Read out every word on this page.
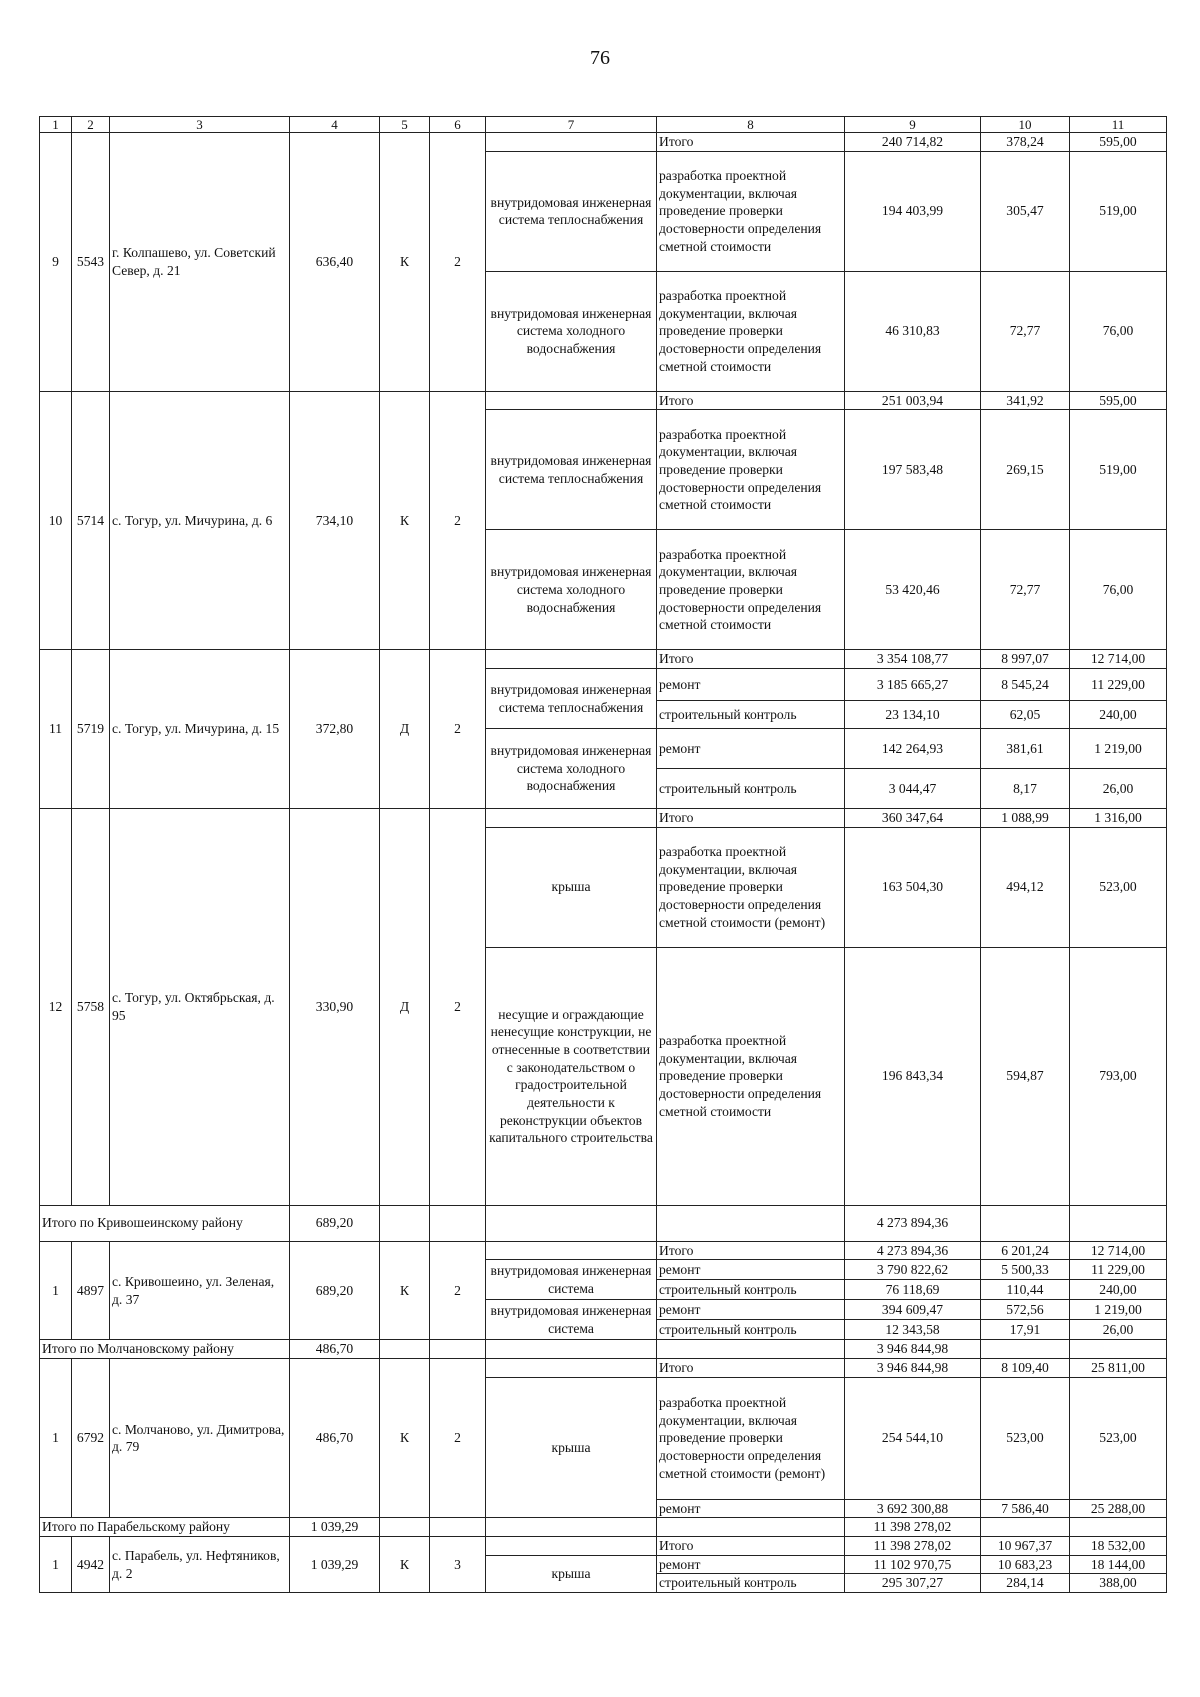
76
1	2	3	4	5	6	7	8	9	10	11
9	5543	г. Колпашево, ул. Советский Север, д. 21	636,40	К	2		Итого	240 714,82	378,24	595,00
						внутридомовая инженерная система теплоснабжения	разработка проектной документации, включая проведение проверки достоверности определения сметной стоимости	194 403,99	305,47	519,00
						внутридомовая инженерная система холодного водоснабжения	разработка проектной документации, включая проведение проверки достоверности определения сметной стоимости	46 310,83	72,77	76,00
10	5714	с. Тогур, ул. Мичурина, д. 6	734,10	К	2		Итого	251 003,94	341,92	595,00
						внутридомовая инженерная система теплоснабжения	разработка проектной документации, включая проведение проверки достоверности определения сметной стоимости	197 583,48	269,15	519,00
						внутридомовая инженерная система холодного водоснабжения	разработка проектной документации, включая проведение проверки достоверности определения сметной стоимости	53 420,46	72,77	76,00
11	5719	с. Тогур, ул. Мичурина, д. 15	372,80	Д	2		Итого	3 354 108,77	8 997,07	12 714,00
						внутридомовая инженерная система теплоснабжения	ремонт	3 185 665,27	8 545,24	11 229,00
							строительный контроль	23 134,10	62,05	240,00
						внутридомовая инженерная система холодного водоснабжения	ремонт	142 264,93	381,61	1 219,00
							строительный контроль	3 044,47	8,17	26,00
12	5758	с. Тогур, ул. Октябрьская, д. 95	330,90	Д	2		Итого	360 347,64	1 088,99	1 316,00
						крыша	разработка проектной документации, включая проведение проверки достоверности определения сметной стоимости (ремонт)	163 504,30	494,12	523,00
						несущие и ограждающие ненесущие конструкции, не отнесенные в соответствии с законодательством о градостроительной деятельности к реконструкции объектов капитального строительства	разработка проектной документации, включая проведение проверки достоверности определения сметной стоимости	196 843,34	594,87	793,00
Итого по Кривошеинскому району			689,20					4 273 894,36		
1	4897	с. Кривошеино, ул. Зеленая, д. 37	689,20	К	2		Итого	4 273 894,36	6 201,24	12 714,00
						внутридомовая инженерная система	ремонт	3 790 822,62	5 500,33	11 229,00
							строительный контроль	76 118,69	110,44	240,00
						внутридомовая инженерная система	ремонт	394 609,47	572,56	1 219,00
							строительный контроль	12 343,58	17,91	26,00
Итого по Молчановскому району			486,70					3 946 844,98		
1	6792	с. Молчаново, ул. Димитрова, д. 79	486,70	К	2		Итого	3 946 844,98	8 109,40	25 811,00
						крыша	разработка проектной документации, включая проведение проверки достоверности определения сметной стоимости (ремонт)	254 544,10	523,00	523,00
							ремонт	3 692 300,88	7 586,40	25 288,00
Итого по Парабельскому району			1 039,29					11 398 278,02		
1	4942	с. Парабель, ул. Нефтяников, д. 2	1 039,29	К	3		Итого	11 398 278,02	10 967,37	18 532,00
						крыша	ремонт	11 102 970,75	10 683,23	18 144,00
							строительный контроль	295 307,27	284,14	388,00
